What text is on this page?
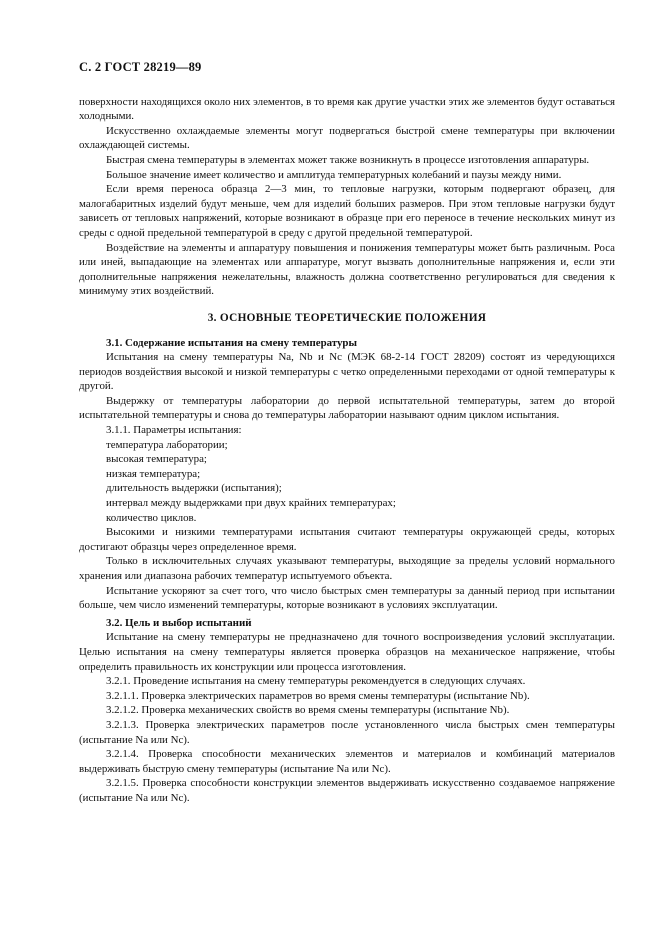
С. 2 ГОСТ 28219—89

поверхности находящихся около них элементов, в то время как другие участки этих же элементов будут оставаться холодными.

Искусственно охлаждаемые элементы могут подвергаться быстрой смене температуры при включении охлаждающей системы.

Быстрая смена температуры в элементах может также возникнуть в процессе изготовления аппаратуры.

Большое значение имеет количество и амплитуда температурных колебаний и паузы между ними.

Если время переноса образца 2—3 мин, то тепловые нагрузки, которым подвергают образец, для малогабаритных изделий будут меньше, чем для изделий больших размеров. При этом тепловые нагрузки будут зависеть от тепловых напряжений, которые возникают в образце при его переносе в течение нескольких минут из среды с одной предельной температурой в среду с другой предельной температурой.

Воздействие на элементы и аппаратуру повышения и понижения температуры может быть различным. Роса или иней, выпадающие на элементах или аппаратуре, могут вызвать дополнительные напряжения и, если эти дополнительные напряжения нежелательны, влажность должна соответственно регулироваться для сведения к минимуму этих воздействий.

3. ОСНОВНЫЕ ТЕОРЕТИЧЕСКИЕ ПОЛОЖЕНИЯ

3.1. Содержание испытания на смену температуры

Испытания на смену температуры Na, Nb и Nc (МЭК 68-2-14 ГОСТ 28209) состоят из чередующихся периодов воздействия высокой и низкой температуры с четко определенными переходами от одной температуры к другой.

Выдержку от температуры лаборатории до первой испытательной температуры, затем до второй испытательной температуры и снова до температуры лаборатории называют одним циклом испытания.

3.1.1. Параметры испытания:

температура лаборатории;

высокая температура;

низкая температура;

длительность выдержки (испытания);

интервал между выдержками при двух крайних температурах;

количество циклов.

Высокими и низкими температурами испытания считают температуры окружающей среды, которых достигают образцы через определенное время.

Только в исключительных случаях указывают температуры, выходящие за пределы условий нормального хранения или диапазона рабочих температур испытуемого объекта.

Испытание ускоряют за счет того, что число быстрых смен температуры за данный период при испытании больше, чем число изменений температуры, которые возникают в условиях эксплуатации.

3.2. Цель и выбор испытаний

Испытание на смену температуры не предназначено для точного воспроизведения условий эксплуатации. Целью испытания на смену температуры является проверка образцов на механическое напряжение, чтобы определить правильность их конструкции или процесса изготовления.

3.2.1. Проведение испытания на смену температуры рекомендуется в следующих случаях.

3.2.1.1. Проверка электрических параметров во время смены температуры (испытание Nb).

3.2.1.2. Проверка механических свойств во время смены температуры (испытание Nb).

3.2.1.3. Проверка электрических параметров после установленного числа быстрых смен температуры (испытание Na или Nc).

3.2.1.4. Проверка способности механических элементов и материалов и комбинаций материалов выдерживать быструю смену температуры (испытание Na или Nc).

3.2.1.5. Проверка способности конструкции элементов выдерживать искусственно создаваемое напряжение (испытание Na или Nc).
